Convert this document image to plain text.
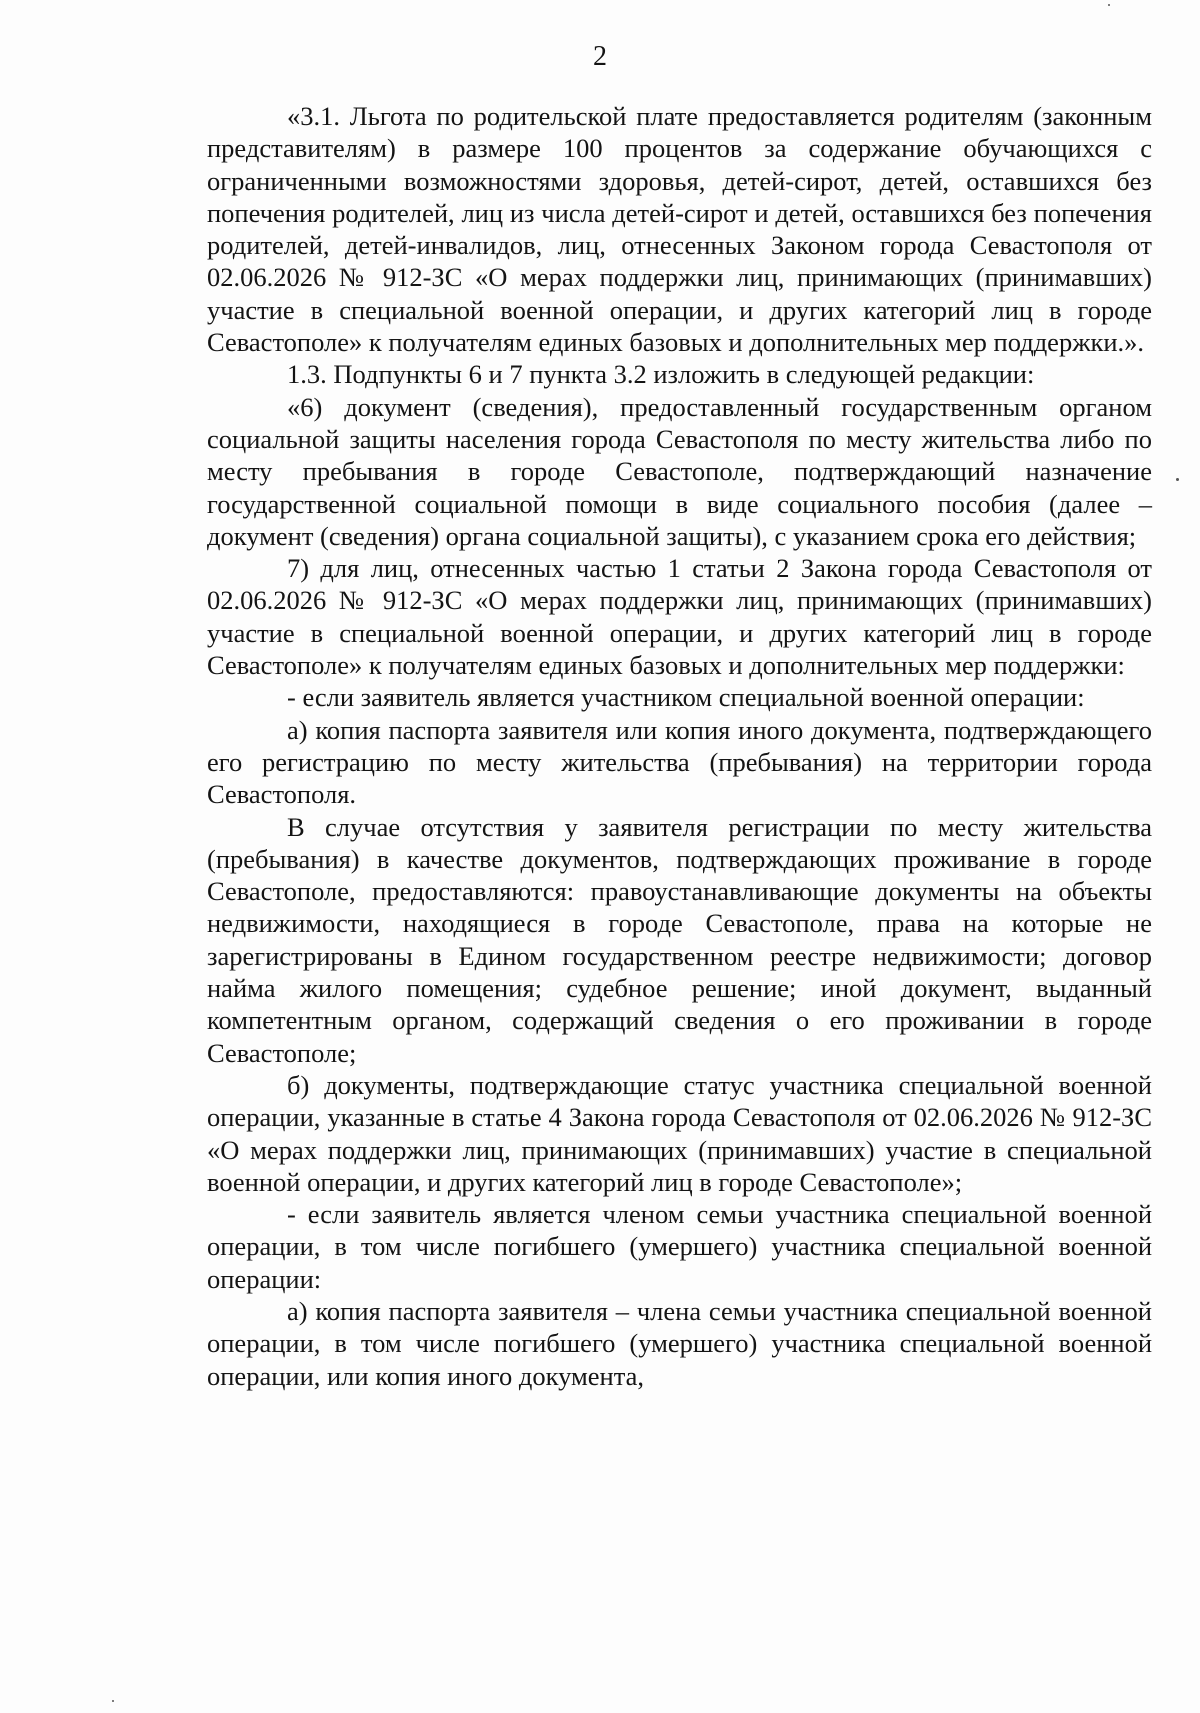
2

«3.1. Льгота по родительской плате предоставляется родителям (законным представителям) в размере 100 процентов за содержание обучающихся с ограниченными возможностями здоровья, детей-сирот, детей, оставшихся без попечения родителей, лиц из числа детей-сирот и детей, оставшихся без попечения родителей, детей-инвалидов, лиц, отнесенных Законом города Севастополя от 02.06.2026 № 912-ЗС «О мерах поддержки лиц, принимающих (принимавших) участие в специальной военной операции, и других категорий лиц в городе Севастополе» к получателям единых базовых и дополнительных мер поддержки.».

1.3. Подпункты 6 и 7 пункта 3.2 изложить в следующей редакции:

«6) документ (сведения), предоставленный государственным органом социальной защиты населения города Севастополя по месту жительства либо по месту пребывания в городе Севастополе, подтверждающий назначение государственной социальной помощи в виде социального пособия (далее – документ (сведения) органа социальной защиты), с указанием срока его действия;

7) для лиц, отнесенных частью 1 статьи 2 Закона города Севастополя от 02.06.2026 № 912-ЗС «О мерах поддержки лиц, принимающих (принимавших) участие в специальной военной операции, и других категорий лиц в городе Севастополе» к получателям единых базовых и дополнительных мер поддержки:

- если заявитель является участником специальной военной операции:

а) копия паспорта заявителя или копия иного документа, подтверждающего его регистрацию по месту жительства (пребывания) на территории города Севастополя.

В случае отсутствия у заявителя регистрации по месту жительства (пребывания) в качестве документов, подтверждающих проживание в городе Севастополе, предоставляются: правоустанавливающие документы на объекты недвижимости, находящиеся в городе Севастополе, права на которые не зарегистрированы в Едином государственном реестре недвижимости; договор найма жилого помещения; судебное решение; иной документ, выданный компетентным органом, содержащий сведения о его проживании в городе Севастополе;

б) документы, подтверждающие статус участника специальной военной операции, указанные в статье 4 Закона города Севастополя от 02.06.2026 № 912-ЗС «О мерах поддержки лиц, принимающих (принимавших) участие в специальной военной операции, и других категорий лиц в городе Севастополе»;

- если заявитель является членом семьи участника специальной военной операции, в том числе погибшего (умершего) участника специальной военной операции:

а) копия паспорта заявителя – члена семьи участника специальной военной операции, в том числе погибшего (умершего) участника специальной военной операции, или копия иного документа,
